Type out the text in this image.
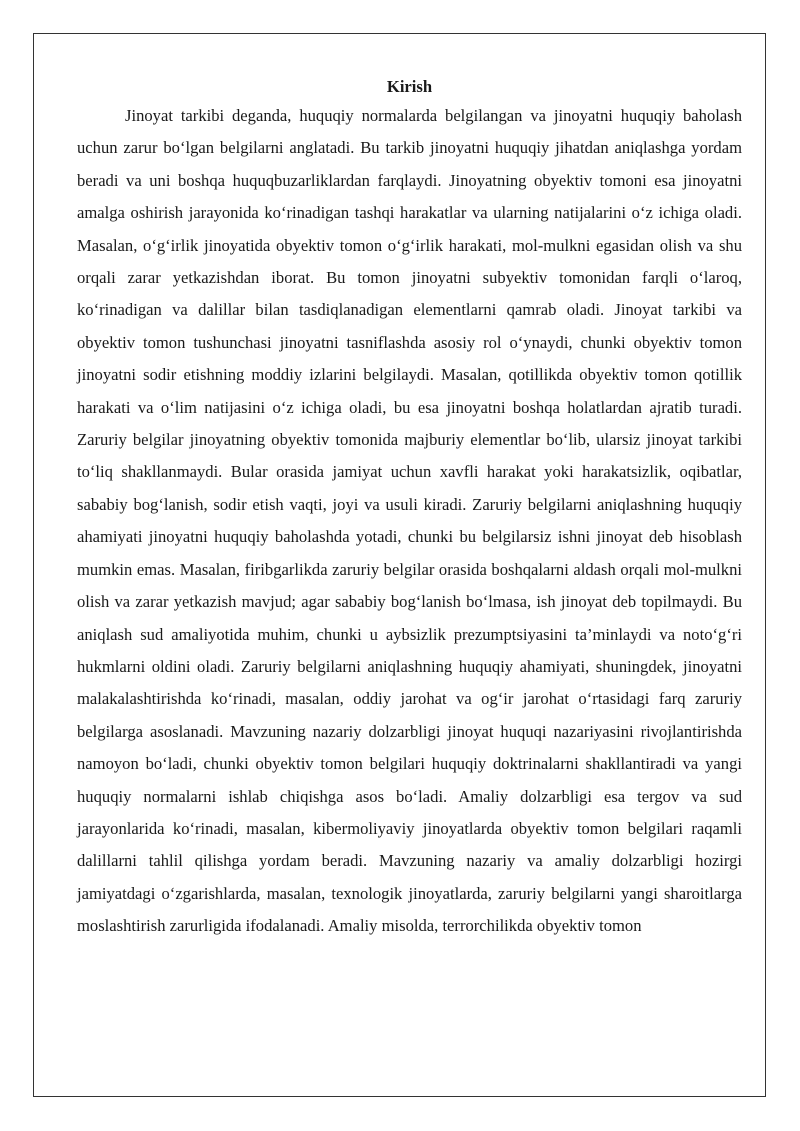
Kirish

Jinoyat tarkibi deganda, huquqiy normalarda belgilangan va jinoyatni huquqiy baholash uchun zarur bo‘lgan belgilarni anglatadi. Bu tarkib jinoyatni huquqiy jihatdan aniqlashga yordam beradi va uni boshqa huquqbuzarliklardan farqlaydi. Jinoyatning obyektiv tomoni esa jinoyatni amalga oshirish jarayonida ko‘rinadigan tashqi harakatlar va ularning natijalarini o‘z ichiga oladi. Masalan, o‘g‘irlik jinoyatida obyektiv tomon o‘g‘irlik harakati, mol-mulkni egasidan olish va shu orqali zarar yetkazishdan iborat. Bu tomon jinoyatni subyektiv tomonidan farqli o‘laroq, ko‘rinadigan va dalillar bilan tasdiqlanadigan elementlarni qamrab oladi. Jinoyat tarkibi va obyektiv tomon tushunchasi jinoyatni tasniflashda asosiy rol o‘ynaydi, chunki obyektiv tomon jinoyatni sodir etishning moddiy izlarini belgilaydi. Masalan, qotillikda obyektiv tomon qotillik harakati va o‘lim natijasini o‘z ichiga oladi, bu esa jinoyatni boshqa holatlardan ajratib turadi. Zaruriy belgilar jinoyatning obyektiv tomonida majburiy elementlar bo‘lib, ularsiz jinoyat tarkibi to‘liq shakllanmaydi. Bular orasida jamiyat uchun xavfli harakat yoki harakatsizlik, oqibatlar, sababiy bog‘lanish, sodir etish vaqti, joyi va usuli kiradi. Zaruriy belgilarni aniqlashning huquqiy ahamiyati jinoyatni huquqiy baholashda yotadi, chunki bu belgilarsiz ishni jinoyat deb hisoblash mumkin emas. Masalan, firibgarlikda zaruriy belgilar orasida boshqalarni aldash orqali mol-mulkni olish va zarar yetkazish mavjud; agar sababiy bog‘lanish bo‘lmasa, ish jinoyat deb topilmaydi. Bu aniqlash sud amaliyotida muhim, chunki u aybsizlik prezumptsiyasini ta’minlaydi va noto‘g‘ri hukmlarni oldini oladi. Zaruriy belgilarni aniqlashning huquqiy ahamiyati, shuningdek, jinoyatni malakalashtirishda ko‘rinadi, masalan, oddiy jarohat va og‘ir jarohat o‘rtasidagi farq zaruriy belgilarga asoslanadi. Mavzuning nazariy dolzarbligi jinoyat huquqi nazariyasini rivojlantirishda namoyon bo‘ladi, chunki obyektiv tomon belgilari huquqiy doktrinalarni shakllantiradi va yangi huquqiy normalarni ishlab chiqishga asos bo‘ladi. Amaliy dolzarbligi esa tergov va sud jarayonlarida ko‘rinadi, masalan, kibermoliyaviy jinoyatlarda obyektiv tomon belgilari raqamli dalillarni tahlil qilishga yordam beradi. Mavzuning nazariy va amaliy dolzarbligi hozirgi jamiyatdagi o‘zgarishlarda, masalan, texnologik jinoyatlarda, zaruriy belgilarni yangi sharoitlarga moslashtirish zarurligida ifodalanadi. Amaliy misolda, terrorchilikda obyektiv tomon
